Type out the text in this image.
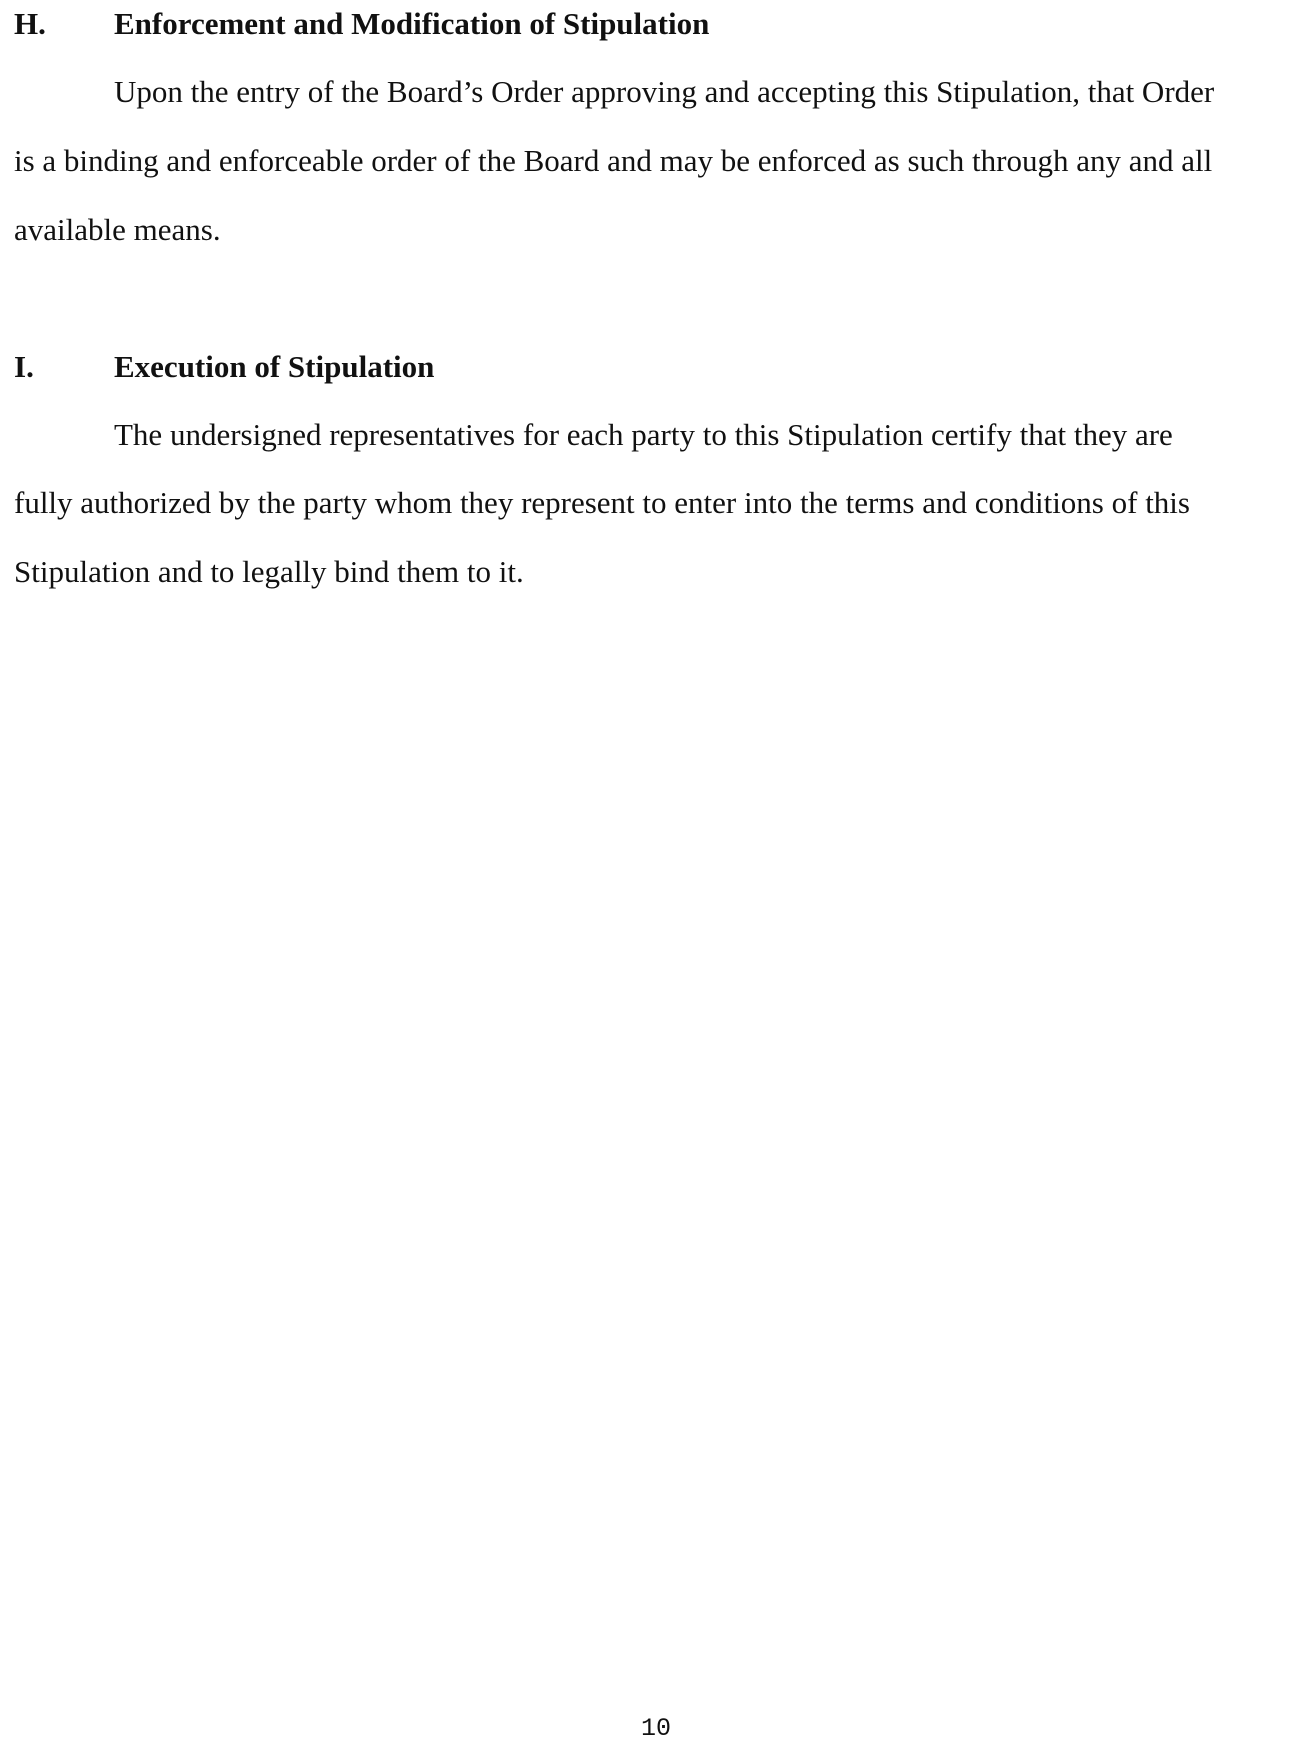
H. Enforcement and Modification of Stipulation
Upon the entry of the Board’s Order approving and accepting this Stipulation, that Order
is a binding and enforceable order of the Board and may be enforced as such through any and all
available means.
I.	Execution of Stipulation
The undersigned representatives for each party to this Stipulation certify that they are
fully authorized by the party whom they represent to enter into the terms and conditions of this
Stipulation and to legally bind them to it.
10
